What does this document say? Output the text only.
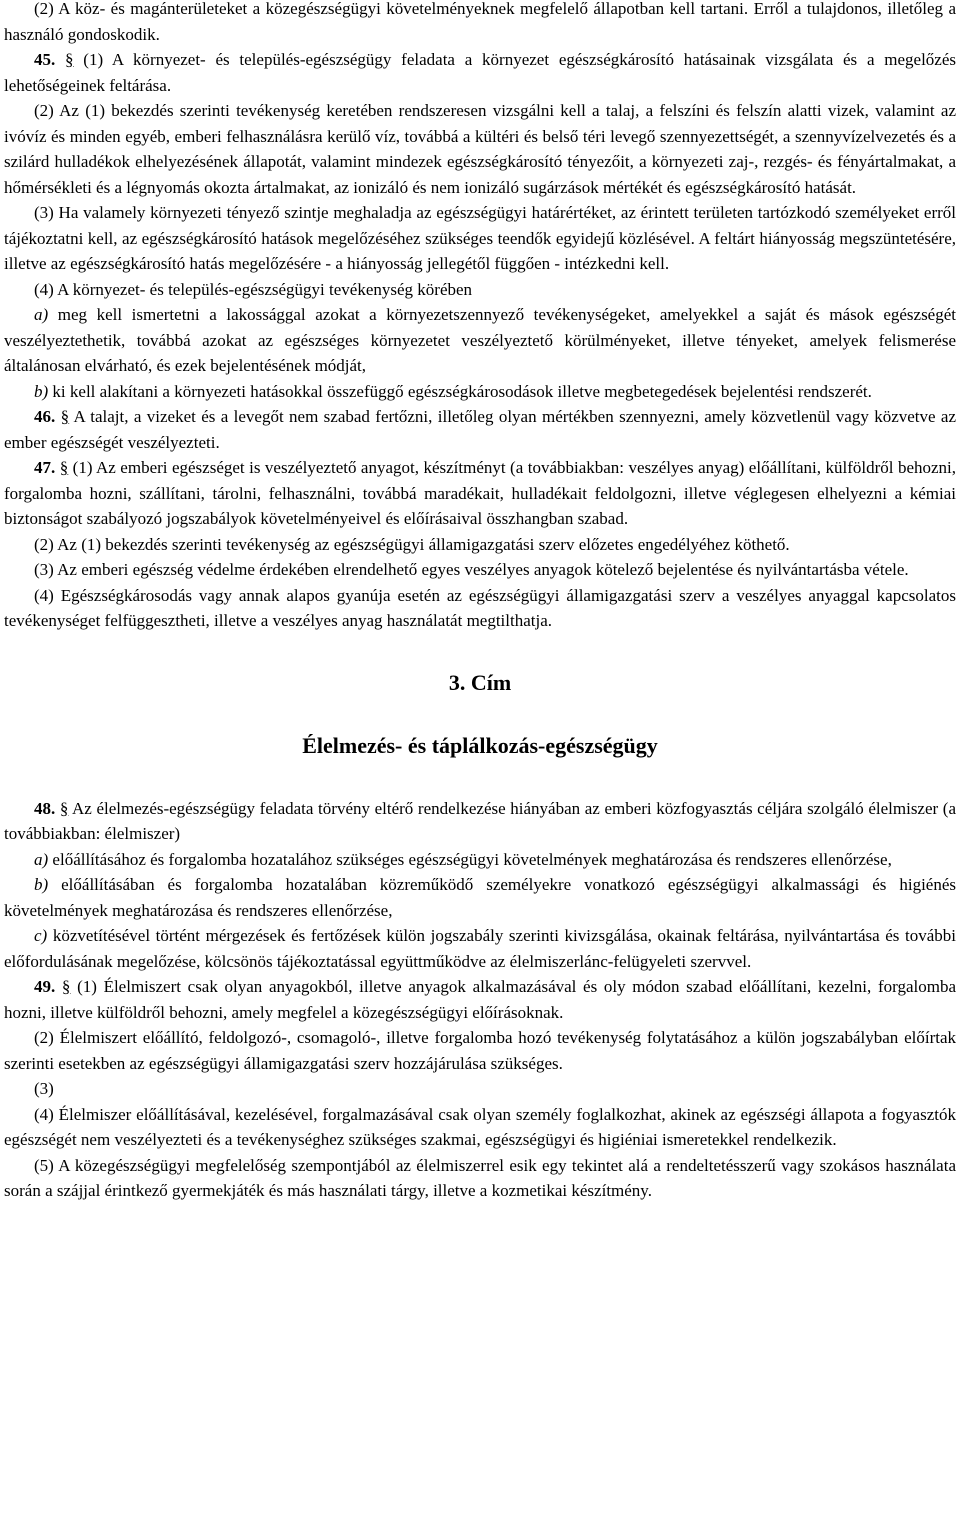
(2) A köz- és magánterületeket a közegészségügyi követelményeknek megfelelő állapotban kell tartani. Erről a tulajdonos, illetőleg a használó gondoskodik.

45. § (1) A környezet- és település-egészségügy feladata a környezet egészségkárosító hatásainak vizsgálata és a megelőzés lehetőségeinek feltárása.

(2) Az (1) bekezdés szerinti tevékenység keretében rendszeresen vizsgálni kell a talaj, a felszíni és felszín alatti vizek, valamint az ivóvíz és minden egyéb, emberi felhasználásra kerülő víz, továbbá a kültéri és belső téri levegő szennyezettségét, a szennyvízelvezetés és a szilárd hulladékok elhelyezésének állapotát, valamint mindezek egészségkárosító tényezőit, a környezeti zaj-, rezgés- és fényártalmakat, a hőmérsékleti és a légnyomás okozta ártalmakat, az ionizáló és nem ionizáló sugárzások mértékét és egészségkárosító hatását.

(3) Ha valamely környezeti tényező szintje meghaladja az egészségügyi határértéket, az érintett területen tartózkodó személyeket erről tájékoztatni kell, az egészségkárosító hatások megelőzéséhez szükséges teendők egyidejű közlésével. A feltárt hiányosság megszüntetésére, illetve az egészségkárosító hatás megelőzésére - a hiányosság jellegétől függően - intézkedni kell.

(4) A környezet- és település-egészségügyi tevékenység körében

a) meg kell ismertetni a lakossággal azokat a környezetszennyező tevékenységeket, amelyekkel a saját és mások egészségét veszélyeztethetik, továbbá azokat az egészséges környezetet veszélyeztető körülményeket, illetve tényeket, amelyek felismerése általánosan elvárható, és ezek bejelentésének módját,

b) ki kell alakítani a környezeti hatásokkal összefüggő egészségkárosodások illetve megbetegedések bejelentési rendszerét.

46. § A talajt, a vizeket és a levegőt nem szabad fertőzni, illetőleg olyan mértékben szennyezni, amely közvetlenül vagy közvetve az ember egészségét veszélyezteti.

47. § (1) Az emberi egészséget is veszélyeztető anyagot, készítményt (a továbbiakban: veszélyes anyag) előállítani, külföldről behozni, forgalomba hozni, szállítani, tárolni, felhasználni, továbbá maradékait, hulladékait feldolgozni, illetve véglegesen elhelyezni a kémiai biztonságot szabályozó jogszabályok követelményeivel és előírásaival összhangban szabad.

(2) Az (1) bekezdés szerinti tevékenység az egészségügyi államigazgatási szerv előzetes engedélyéhez köthető.

(3) Az emberi egészség védelme érdekében elrendelhető egyes veszélyes anyagok kötelező bejelentése és nyilvántartásba vétele.

(4) Egészségkárosodás vagy annak alapos gyanúja esetén az egészségügyi államigazgatási szerv a veszélyes anyaggal kapcsolatos tevékenységet felfüggesztheti, illetve a veszélyes anyag használatát megtilthatja.

3. Cím
Élelmezés- és táplálkozás-egészségügy

48. § Az élelmezés-egészségügy feladata törvény eltérő rendelkezése hiányában az emberi közfogyasztás céljára szolgáló élelmiszer (a továbbiakban: élelmiszer)

a) előállításához és forgalomba hozatalához szükséges egészségügyi követelmények meghatározása és rendszeres ellenőrzése,

b) előállításában és forgalomba hozatalában közreműködő személyekre vonatkozó egészségügyi alkalmassági és higiénés követelmények meghatározása és rendszeres ellenőrzése,

c) közvetítésével történt mérgezések és fertőzések külön jogszabály szerinti kivizsgálása, okainak feltárása, nyilvántartása és további előfordulásának megelőzése, kölcsönös tájékoztatással együttműködve az élelmiszerlánc-felügyeleti szervvel.

49. § (1) Élelmiszert csak olyan anyagokból, illetve anyagok alkalmazásával és oly módon szabad előállítani, kezelni, forgalomba hozni, illetve külföldről behozni, amely megfelel a közegészségügyi előírásoknak.

(2) Élelmiszert előállító, feldolgozó-, csomagoló-, illetve forgalomba hozó tevékenység folytatásához a külön jogszabályban előírtak szerinti esetekben az egészségügyi államigazgatási szerv hozzájárulása szükséges.

(3)

(4) Élelmiszer előállításával, kezelésével, forgalmazásával csak olyan személy foglalkozhat, akinek az egészségi állapota a fogyasztók egészségét nem veszélyezteti és a tevékenységhez szükséges szakmai, egészségügyi és higiéniai ismeretekkel rendelkezik.

(5) A közegészségügyi megfelelőség szempontjából az élelmiszerrel esik egy tekintet alá a rendeltetésszerű vagy szokásos használata során a szájjal érintkező gyermekjáték és más használati tárgy, illetve a kozmetikai készítmény.
